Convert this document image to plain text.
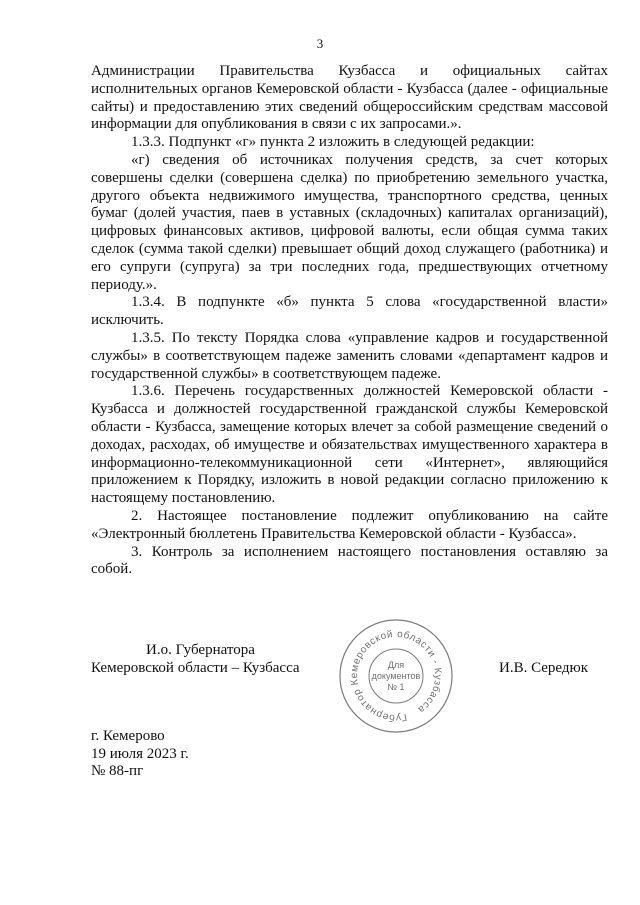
3

Администрации Правительства Кузбасса и официальных сайтах исполнительных органов Кемеровской области - Кузбасса (далее - официальные сайты) и предоставлению этих сведений общероссийским средствам массовой информации для опубликования в связи с их запросами.».

1.3.3. Подпункт «г» пункта 2 изложить в следующей редакции:

«г) сведения об источниках получения средств, за счет которых совершены сделки (совершена сделка) по приобретению земельного участка, другого объекта недвижимого имущества, транспортного средства, ценных бумаг (долей участия, паев в уставных (складочных) капиталах организаций), цифровых финансовых активов, цифровой валюты, если общая сумма таких сделок (сумма такой сделки) превышает общий доход служащего (работника) и его супруги (супруга) за три последних года, предшествующих отчетному периоду.».

1.3.4. В подпункте «б» пункта 5 слова «государственной власти» исключить.

1.3.5. По тексту Порядка слова «управление кадров и государственной службы» в соответствующем падеже заменить словами «департамент кадров и государственной службы» в соответствующем падеже.

1.3.6. Перечень государственных должностей Кемеровской области - Кузбасса и должностей государственной гражданской службы Кемеровской области - Кузбасса, замещение которых влечет за собой размещение сведений о доходах, расходах, об имуществе и обязательствах имущественного характера в информационно-телекоммуникационной сети «Интернет», являющийся приложением к Порядку, изложить в новой редакции согласно приложению к настоящему постановлению.

2. Настоящее постановление подлежит опубликованию на сайте «Электронный бюллетень Правительства Кемеровской области - Кузбасса».

3. Контроль за исполнением настоящего постановления оставляю за собой.

И.о. Губернатора
Кемеровской области – Кузбасса	И.В. Середюк
Губернатор Кемеровской области - Кузбасса
Для
документов
№ 1
г. Кемерово
19 июля 2023 г.
№ 88-пг
